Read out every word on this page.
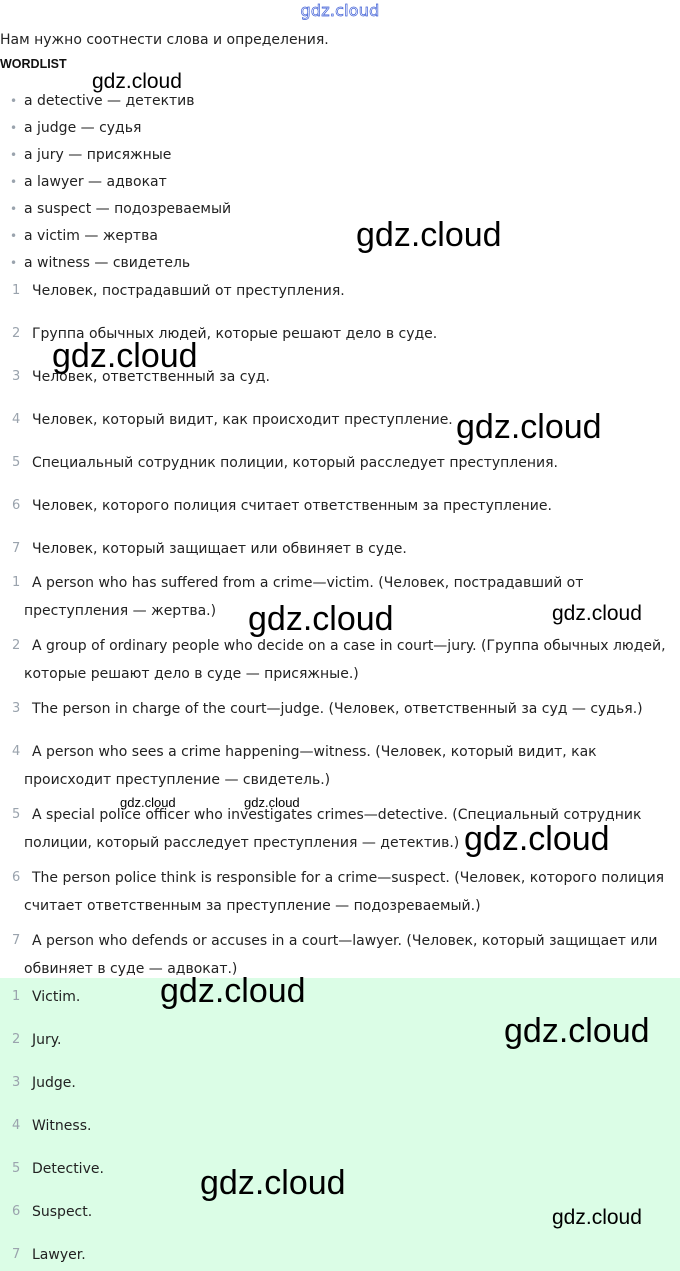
gdz.cloud
Нам нужно соотнести слова и определения.
WORDLIST
• a detective — детектив
• a judge — судья
• a jury — присяжные
• a lawyer — адвокат
• a suspect — подозреваемый
• a victim — жертва
• a witness — свидетель
1 Человек, пострадавший от преступления.
2 Группа обычных людей, которые решают дело в суде.
3 Человек, ответственный за суд.
4 Человек, который видит, как происходит преступление.
5 Специальный сотрудник полиции, который расследует преступления.
6 Человек, которого полиция считает ответственным за преступление.
7 Человек, который защищает или обвиняет в суде.
1 A person who has suffered from a crime—victim. (Человек, пострадавший от преступления — жертва.)
2 A group of ordinary people who decide on a case in court—jury. (Группа обычных людей, которые решают дело в суде — присяжные.)
3 The person in charge of the court—judge. (Человек, ответственный за суд — судья.)
4 A person who sees a crime happening—witness. (Человек, который видит, как происходит преступление — свидетель.)
5 A special police officer who investigates crimes—detective. (Специальный сотрудник полиции, который расследует преступления — детектив.)
6 The person police think is responsible for a crime—suspect. (Человек, которого полиция считает ответственным за преступление — подозреваемый.)
7 A person who defends or accuses in a court—lawyer. (Человек, который защищает или обвиняет в суде — адвокат.)
1 Victim.
2 Jury.
3 Judge.
4 Witness.
5 Detective.
6 Suspect.
7 Lawyer.
gdz.cloud
gdz.cloud
gdz.cloud
gdz.cloud
gdz.cloud	gdz.cloud
gdz.cloud	gdz.cloud
gdz.cloud
gdz.cloud
gdz.cloud
gdz.cloud
gdz.cloud
